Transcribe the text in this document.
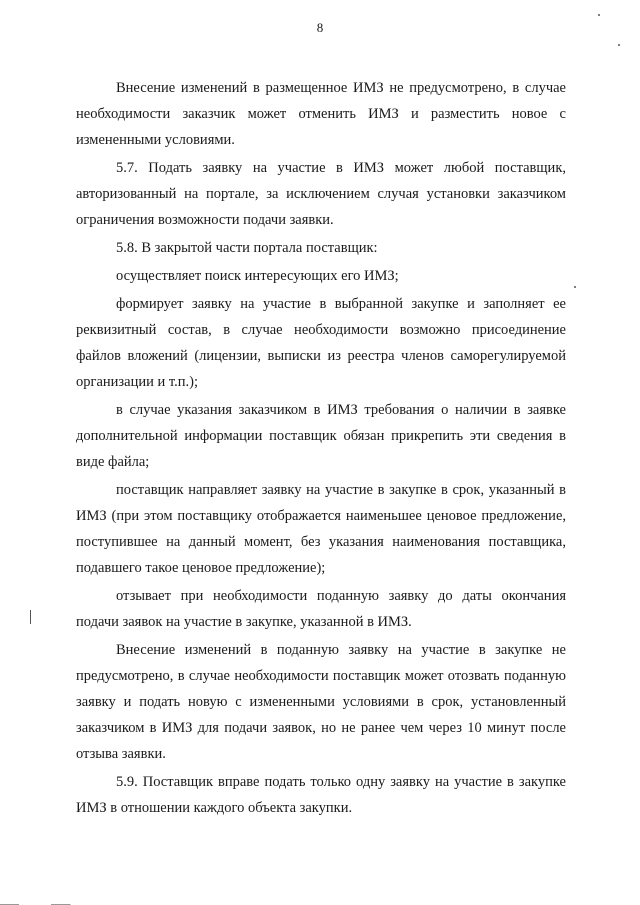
8

Внесение изменений в размещенное ИМЗ не предусмотрено, в случае необходимости заказчик может отменить ИМЗ и разместить новое с измененными условиями.

5.7. Подать заявку на участие в ИМЗ может любой поставщик, авторизованный на портале, за исключением случая установки заказчиком ограничения возможности подачи заявки.

5.8. В закрытой части портала поставщик:

осуществляет поиск интересующих его ИМЗ;

формирует заявку на участие в выбранной закупке и заполняет ее реквизитный состав, в случае необходимости возможно присоединение файлов вложений (лицензии, выписки из реестра членов саморегулируемой организации и т.п.);

в случае указания заказчиком в ИМЗ требования о наличии в заявке дополнительной информации поставщик обязан прикрепить эти сведения в виде файла;

поставщик направляет заявку на участие в закупке в срок, указанный в ИМЗ (при этом поставщику отображается наименьшее ценовое предложение, поступившее на данный момент, без указания наименования поставщика, подавшего такое ценовое предложение);

отзывает при необходимости поданную заявку до даты окончания подачи заявок на участие в закупке, указанной в ИМЗ.

Внесение изменений в поданную заявку на участие в закупке не предусмотрено, в случае необходимости поставщик может отозвать поданную заявку и подать новую с измененными условиями в срок, установленный заказчиком в ИМЗ для подачи заявок, но не ранее чем через 10 минут после отзыва заявки.

5.9. Поставщик вправе подать только одну заявку на участие в закупке ИМЗ в отношении каждого объекта закупки.
